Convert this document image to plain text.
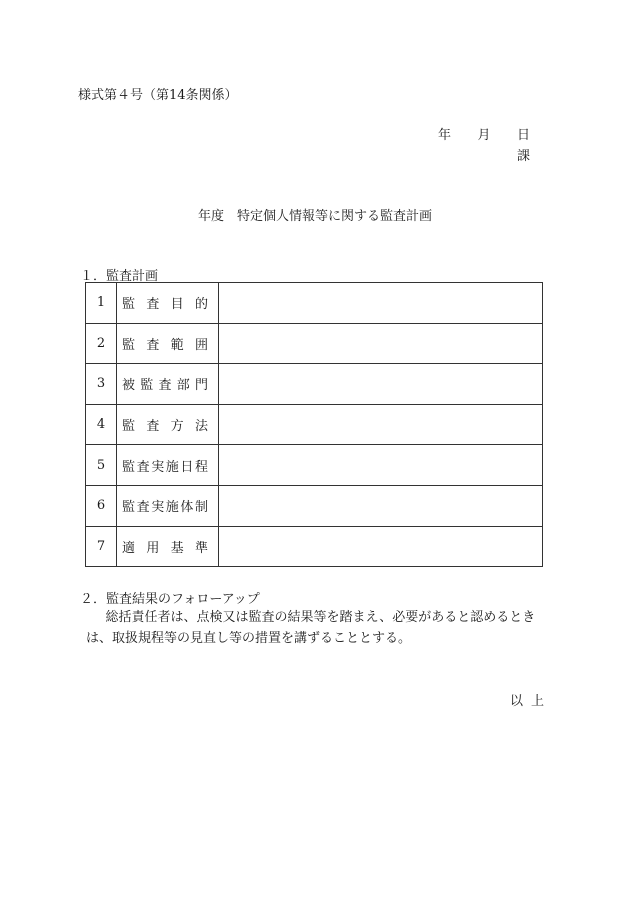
様式第４号（第14条関係）
年 月 日
課
年度　特定個人情報等に関する監査計画
１．監査計画
1	監査目的	
2	監査範囲	
3	被監査部門	
4	監査方法	
5	監査実施日程	
6	監査実施体制	
7	適用基準	
２．監査結果のフォローアップ
総括責任者は、点検又は監査の結果等を踏まえ、必要があると認めるときは、取扱規程等の見直し等の措置を講ずることとする。
以上
